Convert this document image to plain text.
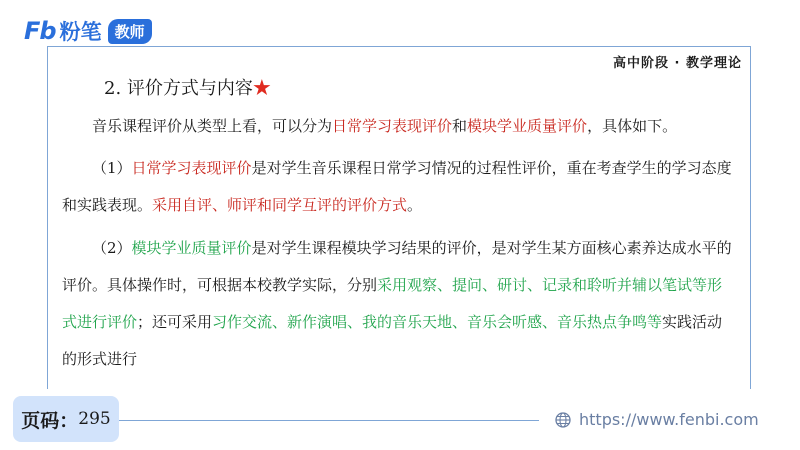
Fb 粉笔 教师
高中阶段 · 教学理论
2. 评价方式与内容★
音乐课程评价从类型上看，可以分为日常学习表现评价和模块学业质量评价，具体如下。
（1）日常学习表现评价是对学生音乐课程日常学习情况的过程性评价，重在考查学生的学习态度和实践表现。采用自评、师评和同学互评的评价方式。
（2）模块学业质量评价是对学生课程模块学习结果的评价，是对学生某方面核心素养达成水平的评价。具体操作时，可根据本校教学实际，分别采用观察、提问、研讨、记录和聆听并辅以笔试等形式进行评价；还可采用习作交流、新作演唱、我的音乐天地、音乐会听感、音乐热点争鸣等实践活动的形式进行
页码： 295	https://www.fenbi.com
